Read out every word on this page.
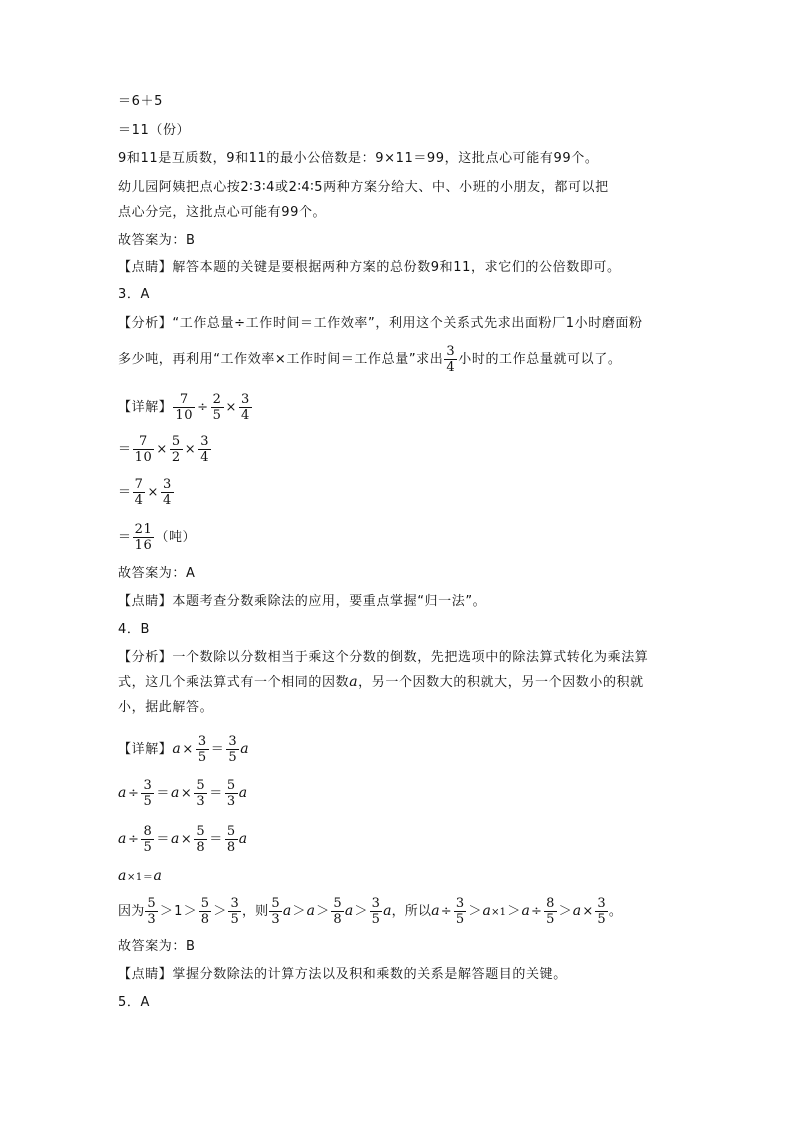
＝6＋5
＝11（份）
9和11是互质数，9和11的最小公倍数是：9×11＝99，这批点心可能有99个。
幼儿园阿姨把点心按2∶3∶4或2∶4∶5两种方案分给大、中、小班的小朋友，都可以把
点心分完，这批点心可能有99个。
故答案为：B
【点睛】解答本题的关键是要根据两种方案的总份数9和11，求它们的公倍数即可。
3．A
【分析】“工作总量÷工作时间＝工作效率”，利用这个关系式先求出面粉厂1小时磨面粉
多少吨，再利用“工作效率×工作时间＝工作总量”求出 $\frac{3}{4}$ 小时的工作总量就可以了。
【详解】 $\frac{7}{10} \div \frac{2}{5} \times \frac{3}{4}$
＝ $\frac{7}{10} \times \frac{5}{2} \times \frac{3}{4}$
＝ $\frac{7}{4} \times \frac{3}{4}$
＝ $\frac{21}{16}$ （吨）
故答案为：A
【点睛】本题考查分数乘除法的应用，要重点掌握“归一法”。
4．B
【分析】一个数除以分数相当于乘这个分数的倒数，先把选项中的除法算式转化为乘法算
式，这几个乘法算式有一个相同的因数a，另一个因数大的积就大，另一个因数小的积就
小，据此解答。
【详解】$a\times \frac{3}{5} = \frac{3}{5}$ a
$a\div \frac{3}{5} =a\times \frac{5}{3} = \frac{5}{3}$ a
$a\div \frac{8}{5} =a\times \frac{5}{8} = \frac{5}{8}$ a
a×1＝a
因为 $\frac{5}{3} >1> \frac{5}{8} > \frac{3}{5}$ ，则 $\frac{5}{3} a>a> \frac{5}{8} a> \frac{3}{5}$ a，所以$a\div \frac{3}{5} >a\times 1>a\div \frac{8}{5} >a\times \frac{3}{5}$ 。
故答案为：B
【点睛】掌握分数除法的计算方法以及积和乘数的关系是解答题目的关键。
5．A
